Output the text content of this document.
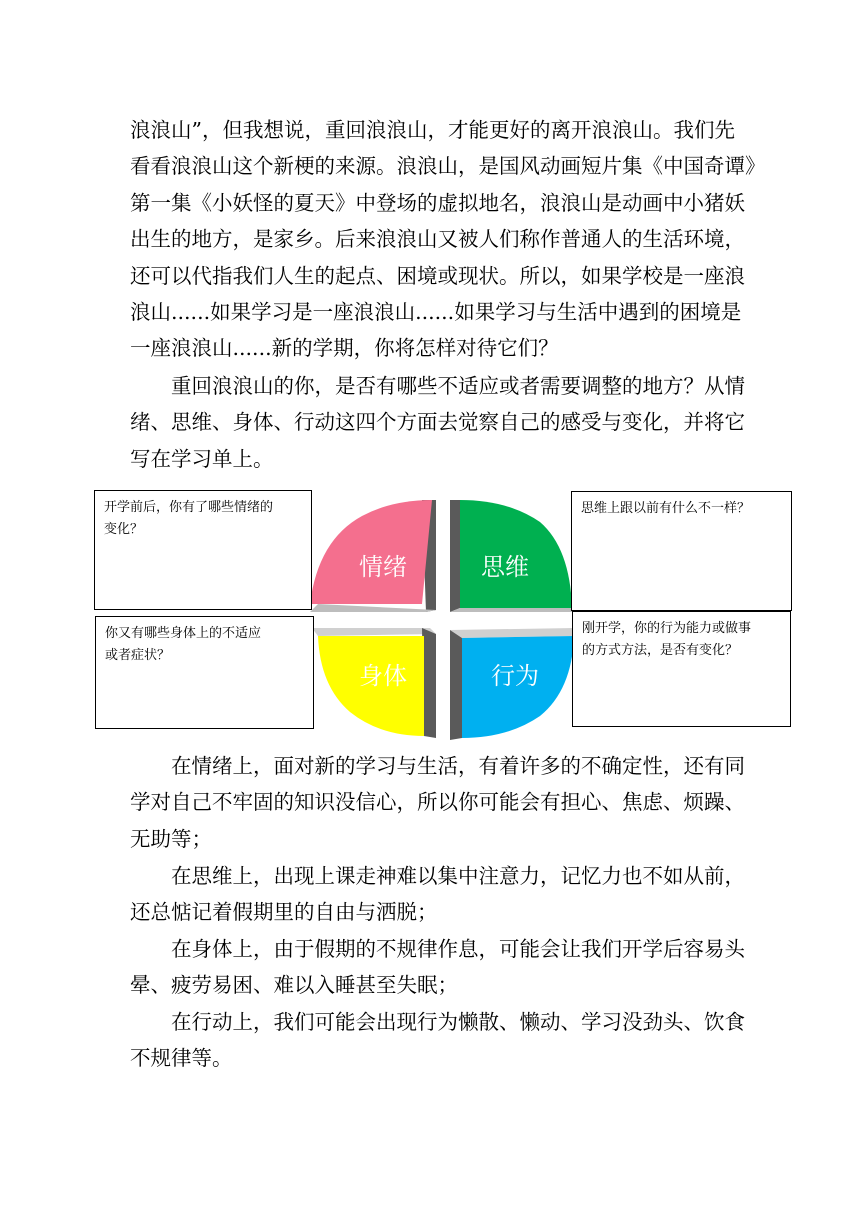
浪浪山”，但我想说，重回浪浪山，才能更好的离开浪浪山。我们先
看看浪浪山这个新梗的来源。浪浪山，是国风动画短片集《中国奇谭》
第一集《小妖怪的夏天》中登场的虚拟地名，浪浪山是动画中小猪妖
出生的地方，是家乡。后来浪浪山又被人们称作普通人的生活环境，
还可以代指我们人生的起点、困境或现状。所以，如果学校是一座浪
浪山......如果学习是一座浪浪山......如果学习与生活中遇到的困境是
一座浪浪山......新的学期，你将怎样对待它们？
　　重回浪浪山的你，是否有哪些不适应或者需要调整的地方？从情
绪、思维、身体、行动这四个方面去觉察自己的感受与变化，并将它
写在学习单上。
情绪	思维
身体	行为
开学前后，你有了哪些情绪的
变化？
思维上跟以前有什么不一样？
你又有哪些身体上的不适应
或者症状？
刚开学，你的行为能力或做事
的方式方法，是否有变化？
　　在情绪上，面对新的学习与生活，有着许多的不确定性，还有同
学对自己不牢固的知识没信心，所以你可能会有担心、焦虑、烦躁、
无助等；
　　在思维上，出现上课走神难以集中注意力，记忆力也不如从前，
还总惦记着假期里的自由与洒脱；
　　在身体上，由于假期的不规律作息，可能会让我们开学后容易头
晕、疲劳易困、难以入睡甚至失眠；
　　在行动上，我们可能会出现行为懒散、懒动、学习没劲头、饮食
不规律等。
